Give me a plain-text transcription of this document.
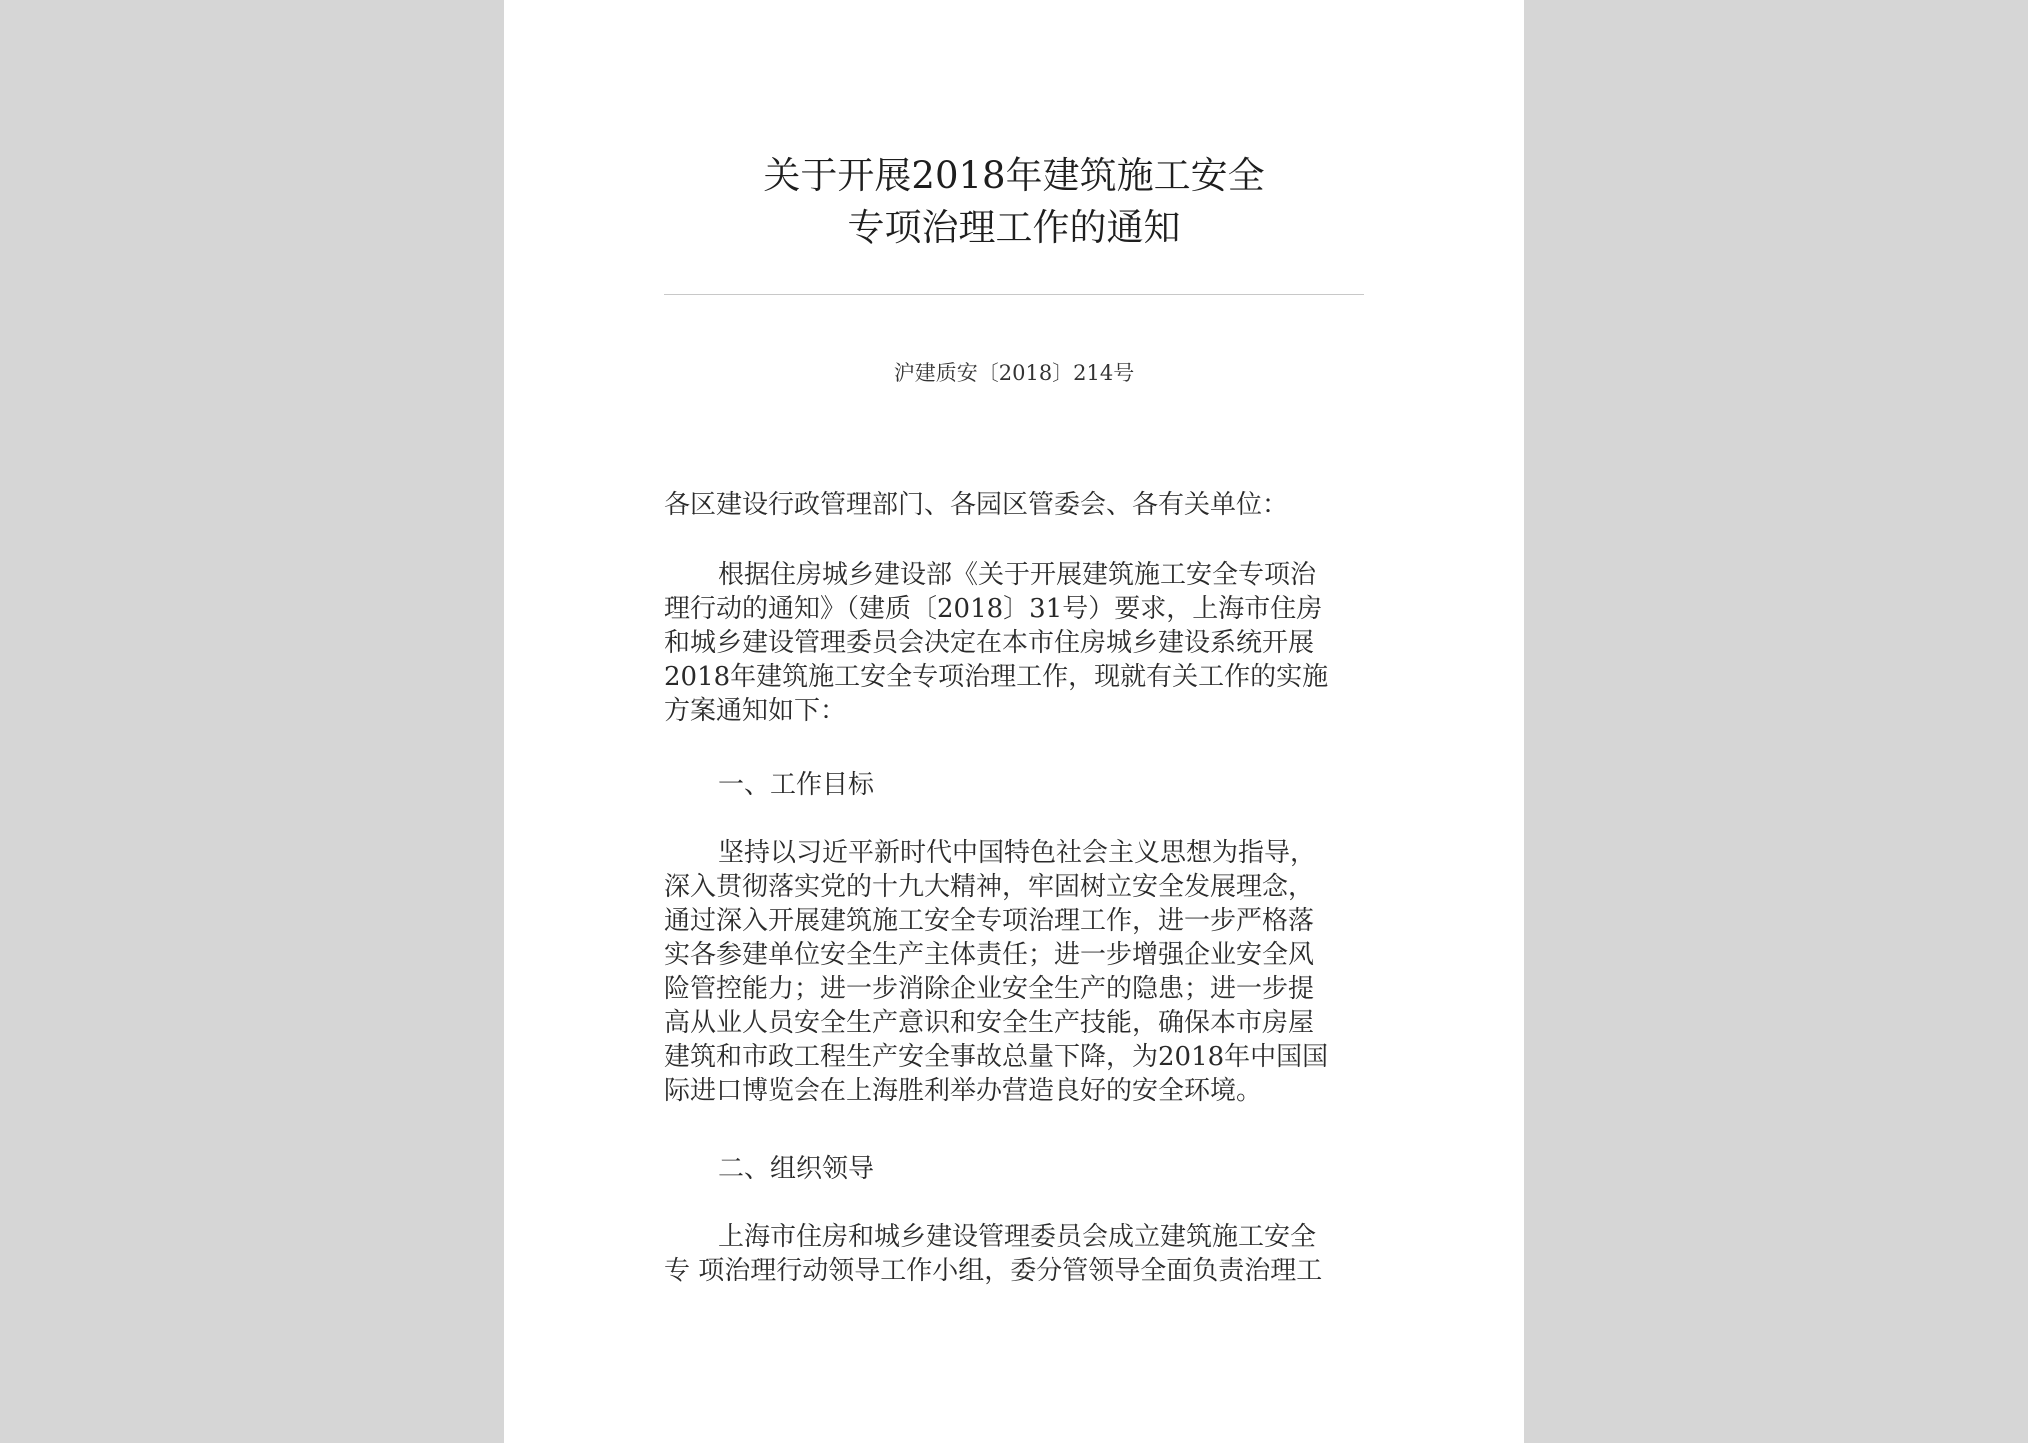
关于开展2018年建筑施工安全
专项治理工作的通知
沪建质安〔2018〕214号
各区建设行政管理部门、各园区管委会、各有关单位：
根据住房城乡建设部《关于开展建筑施工安全专项治
理行动的通知》（建质〔2018〕31号）要求，上海市住房
和城乡建设管理委员会决定在本市住房城乡建设系统开展
2018年建筑施工安全专项治理工作，现就有关工作的实施
方案通知如下：
一、工作目标
坚持以习近平新时代中国特色社会主义思想为指导，
深入贯彻落实党的十九大精神，牢固树立安全发展理念，
通过深入开展建筑施工安全专项治理工作，进一步严格落
实各参建单位安全生产主体责任；进一步增强企业安全风
险管控能力；进一步消除企业安全生产的隐患；进一步提
高从业人员安全生产意识和安全生产技能，确保本市房屋
建筑和市政工程生产安全事故总量下降，为2018年中国国
际进口博览会在上海胜利举办营造良好的安全环境。
二、组织领导
上海市住房和城乡建设管理委员会成立建筑施工安全
专 项治理行动领导工作小组，委分管领导全面负责治理工
